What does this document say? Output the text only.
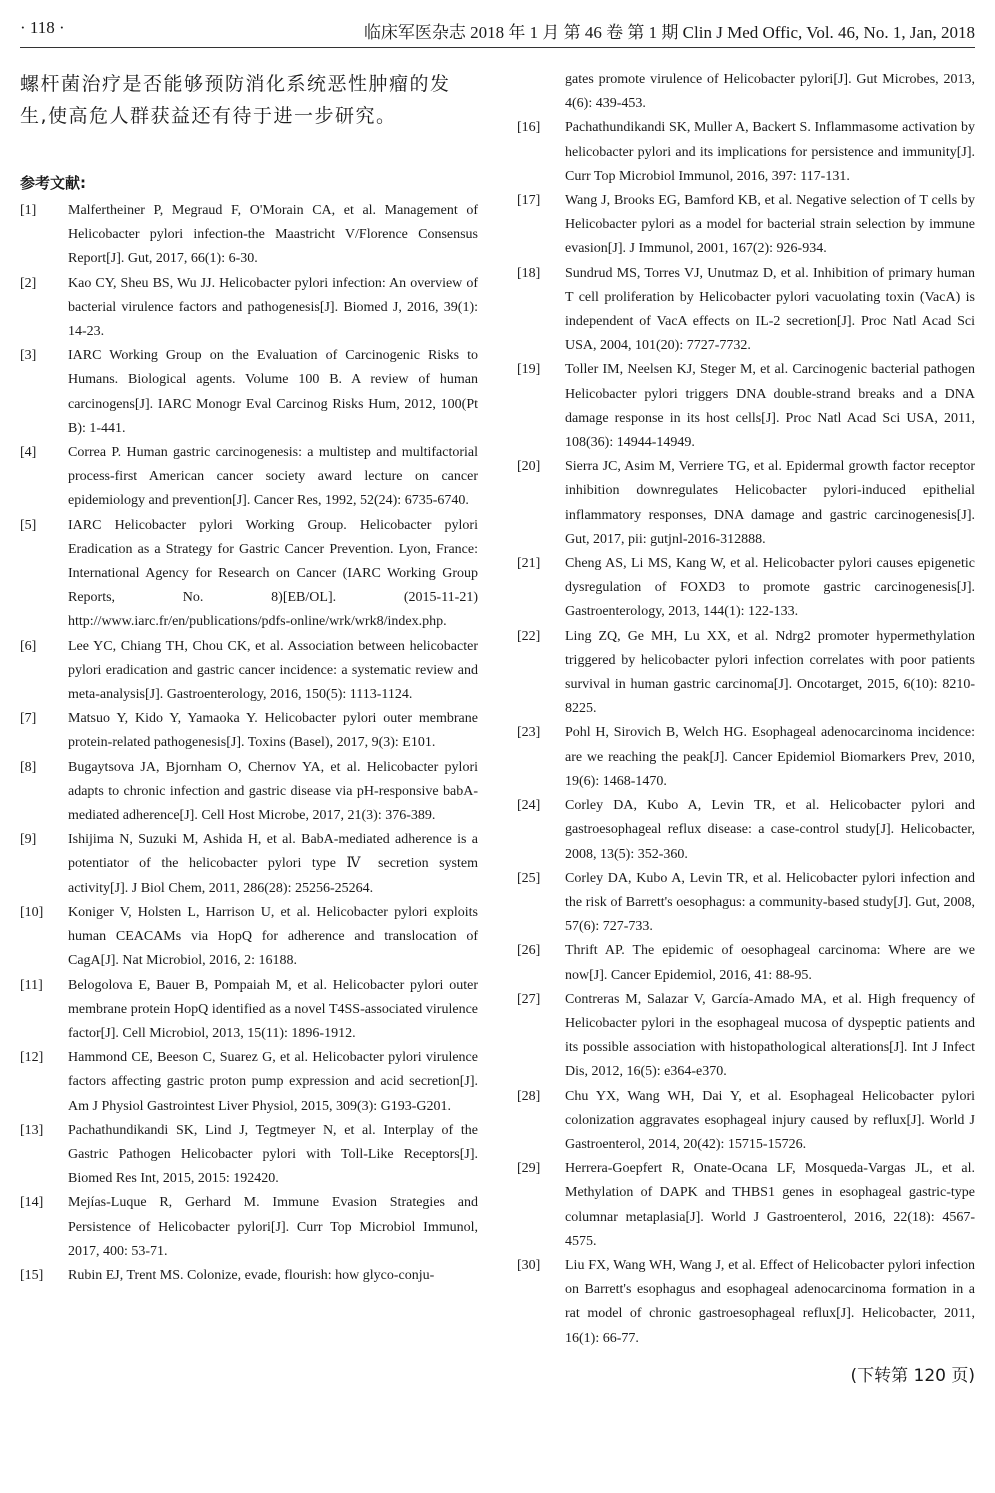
· 118 ·	临床军医杂志 2018 年 1 月 第 46 卷 第 1 期 Clin J Med Offic, Vol. 46, No. 1, Jan, 2018

螺杆菌治疗是否能够预防消化系统恶性肿瘤的发生,使高危人群获益还有待于进一步研究。

参考文献:
[1]	Malfertheiner P, Megraud F, O'Morain CA, et al. Management of Helicobacter pylori infection-the Maastricht V/Florence Consensus Report[J]. Gut, 2017, 66(1): 6-30.
[2]	Kao CY, Sheu BS, Wu JJ. Helicobacter pylori infection: An overview of bacterial virulence factors and pathogenesis[J]. Biomed J, 2016, 39(1): 14-23.
[3]	IARC Working Group on the Evaluation of Carcinogenic Risks to Humans. Biological agents. Volume 100 B. A review of human carcinogens[J]. IARC Monogr Eval Carcinog Risks Hum, 2012, 100(Pt B): 1-441.
[4]	Correa P. Human gastric carcinogenesis: a multistep and multifactorial process-first American cancer society award lecture on cancer epidemiology and prevention[J]. Cancer Res, 1992, 52(24): 6735-6740.
[5]	IARC Helicobacter pylori Working Group. Helicobacter pylori Eradication as a Strategy for Gastric Cancer Prevention. Lyon, France: International Agency for Research on Cancer (IARC Working Group Reports, No. 8)[EB/OL]. (2015-11-21) http://www.iarc.fr/en/publications/pdfs-online/wrk/wrk8/index.php.
[6]	Lee YC, Chiang TH, Chou CK, et al. Association between helicobacter pylori eradication and gastric cancer incidence: a systematic review and meta-analysis[J]. Gastroenterology, 2016, 150(5): 1113-1124.
[7]	Matsuo Y, Kido Y, Yamaoka Y. Helicobacter pylori outer membrane protein-related pathogenesis[J]. Toxins (Basel), 2017, 9(3): E101.
[8]	Bugaytsova JA, Bjornham O, Chernov YA, et al. Helicobacter pylori adapts to chronic infection and gastric disease via pH-responsive babA-mediated adherence[J]. Cell Host Microbe, 2017, 21(3): 376-389.
[9]	Ishijima N, Suzuki M, Ashida H, et al. BabA-mediated adherence is a potentiator of the helicobacter pylori type Ⅳ secretion system activity[J]. J Biol Chem, 2011, 286(28): 25256-25264.
[10]	Koniger V, Holsten L, Harrison U, et al. Helicobacter pylori exploits human CEACAMs via HopQ for adherence and translocation of CagA[J]. Nat Microbiol, 2016, 2: 16188.
[11]	Belogolova E, Bauer B, Pompaiah M, et al. Helicobacter pylori outer membrane protein HopQ identified as a novel T4SS-associated virulence factor[J]. Cell Microbiol, 2013, 15(11): 1896-1912.
[12]	Hammond CE, Beeson C, Suarez G, et al. Helicobacter pylori virulence factors affecting gastric proton pump expression and acid secretion[J]. Am J Physiol Gastrointest Liver Physiol, 2015, 309(3): G193-G201.
[13]	Pachathundikandi SK, Lind J, Tegtmeyer N, et al. Interplay of the Gastric Pathogen Helicobacter pylori with Toll-Like Receptors[J]. Biomed Res Int, 2015, 2015: 192420.
[14]	Mejías-Luque R, Gerhard M. Immune Evasion Strategies and Persistence of Helicobacter pylori[J]. Curr Top Microbiol Immunol, 2017, 400: 53-71.
[15]	Rubin EJ, Trent MS. Colonize, evade, flourish: how glyco-conju-
gates promote virulence of Helicobacter pylori[J]. Gut Microbes, 2013, 4(6): 439-453.
[16]	Pachathundikandi SK, Muller A, Backert S. Inflammasome activation by helicobacter pylori and its implications for persistence and immunity[J]. Curr Top Microbiol Immunol, 2016, 397: 117-131.
[17]	Wang J, Brooks EG, Bamford KB, et al. Negative selection of T cells by Helicobacter pylori as a model for bacterial strain selection by immune evasion[J]. J Immunol, 2001, 167(2): 926-934.
[18]	Sundrud MS, Torres VJ, Unutmaz D, et al. Inhibition of primary human T cell proliferation by Helicobacter pylori vacuolating toxin (VacA) is independent of VacA effects on IL-2 secretion[J]. Proc Natl Acad Sci USA, 2004, 101(20): 7727-7732.
[19]	Toller IM, Neelsen KJ, Steger M, et al. Carcinogenic bacterial pathogen Helicobacter pylori triggers DNA double-strand breaks and a DNA damage response in its host cells[J]. Proc Natl Acad Sci USA, 2011, 108(36): 14944-14949.
[20]	Sierra JC, Asim M, Verriere TG, et al. Epidermal growth factor receptor inhibition downregulates Helicobacter pylori-induced epithelial inflammatory responses, DNA damage and gastric carcinogenesis[J]. Gut, 2017, pii: gutjnl-2016-312888.
[21]	Cheng AS, Li MS, Kang W, et al. Helicobacter pylori causes epigenetic dysregulation of FOXD3 to promote gastric carcinogenesis[J]. Gastroenterology, 2013, 144(1): 122-133.
[22]	Ling ZQ, Ge MH, Lu XX, et al. Ndrg2 promoter hypermethylation triggered by helicobacter pylori infection correlates with poor patients survival in human gastric carcinoma[J]. Oncotarget, 2015, 6(10): 8210-8225.
[23]	Pohl H, Sirovich B, Welch HG. Esophageal adenocarcinoma incidence: are we reaching the peak[J]. Cancer Epidemiol Biomarkers Prev, 2010, 19(6): 1468-1470.
[24]	Corley DA, Kubo A, Levin TR, et al. Helicobacter pylori and gastroesophageal reflux disease: a case-control study[J]. Helicobacter, 2008, 13(5): 352-360.
[25]	Corley DA, Kubo A, Levin TR, et al. Helicobacter pylori infection and the risk of Barrett's oesophagus: a community-based study[J]. Gut, 2008, 57(6): 727-733.
[26]	Thrift AP. The epidemic of oesophageal carcinoma: Where are we now[J]. Cancer Epidemiol, 2016, 41: 88-95.
[27]	Contreras M, Salazar V, García-Amado MA, et al. High frequency of Helicobacter pylori in the esophageal mucosa of dyspeptic patients and its possible association with histopathological alterations[J]. Int J Infect Dis, 2012, 16(5): e364-e370.
[28]	Chu YX, Wang WH, Dai Y, et al. Esophageal Helicobacter pylori colonization aggravates esophageal injury caused by reflux[J]. World J Gastroenterol, 2014, 20(42): 15715-15726.
[29]	Herrera-Goepfert R, Onate-Ocana LF, Mosqueda-Vargas JL, et al. Methylation of DAPK and THBS1 genes in esophageal gastric-type columnar metaplasia[J]. World J Gastroenterol, 2016, 22(18): 4567-4575.
[30]	Liu FX, Wang WH, Wang J, et al. Effect of Helicobacter pylori infection on Barrett's esophagus and esophageal adenocarcinoma formation in a rat model of chronic gastroesophageal reflux[J]. Helicobacter, 2011, 16(1): 66-77.
(下转第 120 页)
